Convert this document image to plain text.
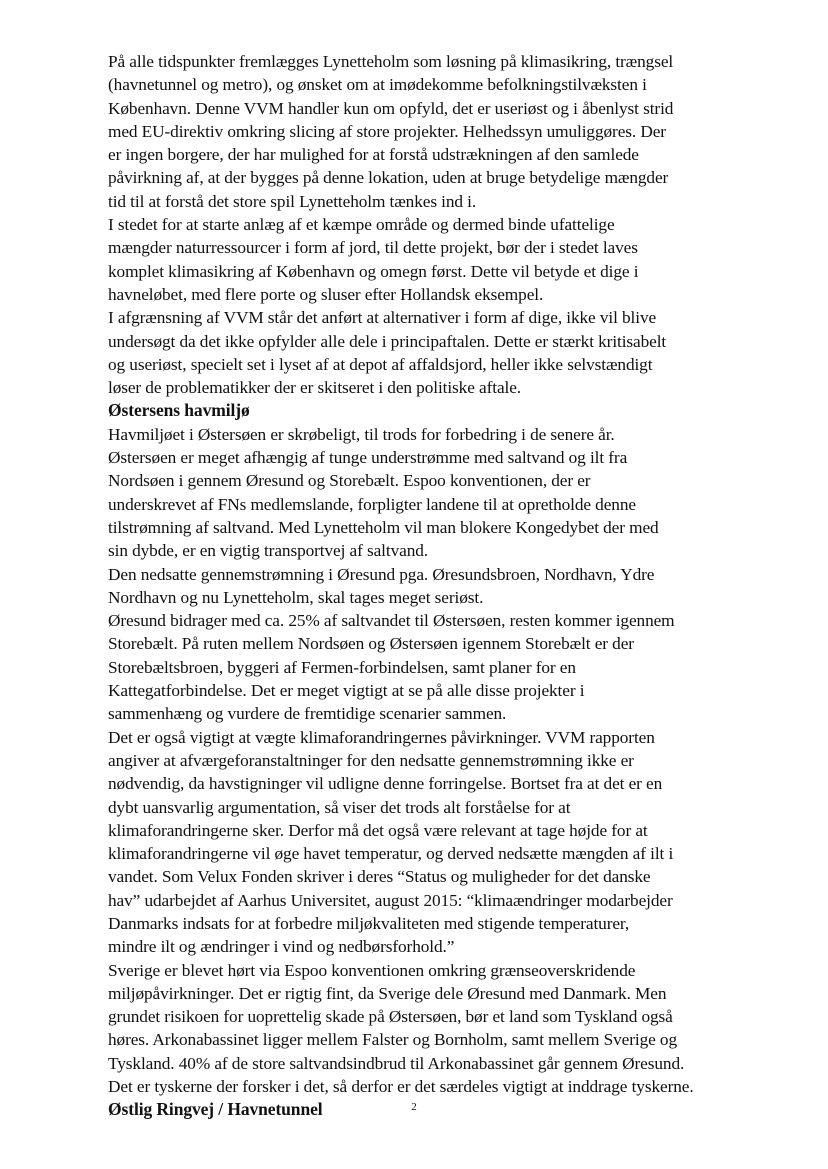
På alle tidspunkter fremlægges Lynetteholm som løsning på klimasikring, trængsel

(havnetunnel og metro), og ønsket om at imødekomme befolkningstilvæksten i

København. Denne VVM handler kun om opfyld, det er useriøst og i åbenlyst strid

med EU-direktiv omkring slicing af store projekter. Helhedssyn umuliggøres. Der

er ingen borgere, der har mulighed for at forstå udstrækningen af den samlede

påvirkning af, at der bygges på denne lokation, uden at bruge betydelige mængder

tid til at forstå det store spil Lynetteholm tænkes ind i.

I stedet for at starte anlæg af et kæmpe område og dermed binde ufattelige

mængder naturressourcer i form af jord, til dette projekt, bør der i stedet laves

komplet klimasikring af København og omegn først. Dette vil betyde et dige i

havneløbet, med flere porte og sluser efter Hollandsk eksempel.

I afgrænsning af VVM står det anført at alternativer i form af dige, ikke vil blive

undersøgt da det ikke opfylder alle dele i principaftalen. Dette er stærkt kritisabelt

og useriøst, specielt set i lyset af at depot af affaldsjord, heller ikke selvstændigt

løser de problematikker der er skitseret i den politiske aftale.

Østersens havmiljø

Havmiljøet i Østersøen er skrøbeligt, til trods for forbedring i de senere år.

Østersøen er meget afhængig af tunge understrømme med saltvand og ilt fra

Nordsøen i gennem Øresund og Storebælt. Espoo konventionen, der er

underskrevet af FNs medlemslande, forpligter landene til at opretholde denne

tilstrømning af saltvand. Med Lynetteholm vil man blokere Kongedybet der med

sin dybde, er en vigtig transportvej af saltvand.

Den nedsatte gennemstrømning i Øresund pga. Øresundsbroen, Nordhavn, Ydre

Nordhavn og nu Lynetteholm, skal tages meget seriøst.

Øresund bidrager med ca. 25% af saltvandet til Østersøen, resten kommer igennem

Storebælt. På ruten mellem Nordsøen og Østersøen igennem Storebælt er der

Storebæltsbroen, byggeri af Fermen-forbindelsen, samt planer for en

Kattegatforbindelse. Det er meget vigtigt at se på alle disse projekter i

sammenhæng og vurdere de fremtidige scenarier sammen.

Det er også vigtigt at vægte klimaforandringernes påvirkninger. VVM rapporten

angiver at afværgeforanstaltninger for den nedsatte gennemstrømning ikke er

nødvendig, da havstigninger vil udligne denne forringelse. Bortset fra at det er en

dybt uansvarlig argumentation, så viser det trods alt forståelse for at

klimaforandringerne sker. Derfor må det også være relevant at tage højde for at

klimaforandringerne vil øge havet temperatur, og derved nedsætte mængden af ilt i

vandet. Som Velux Fonden skriver i deres “Status og muligheder for det danske

hav” udarbejdet af Aarhus Universitet, august 2015: “klimaændringer modarbejder

Danmarks indsats for at forbedre miljøkvaliteten med stigende temperaturer,

mindre ilt og ændringer i vind og nedbørsforhold.”

Sverige er blevet hørt via Espoo konventionen omkring grænseoverskridende

miljøpåvirkninger. Det er rigtig fint, da Sverige dele Øresund med Danmark. Men

grundet risikoen for uoprettelig skade på Østersøen, bør et land som Tyskland også

høres. Arkonabassinet ligger mellem Falster og Bornholm, samt mellem Sverige og

Tyskland. 40% af de store saltvandsindbrud til Arkonabassinet går gennem Øresund.

Det er tyskerne der forsker i det, så derfor er det særdeles vigtigt at inddrage tyskerne.

Østlig Ringvej / Havnetunnel	2
